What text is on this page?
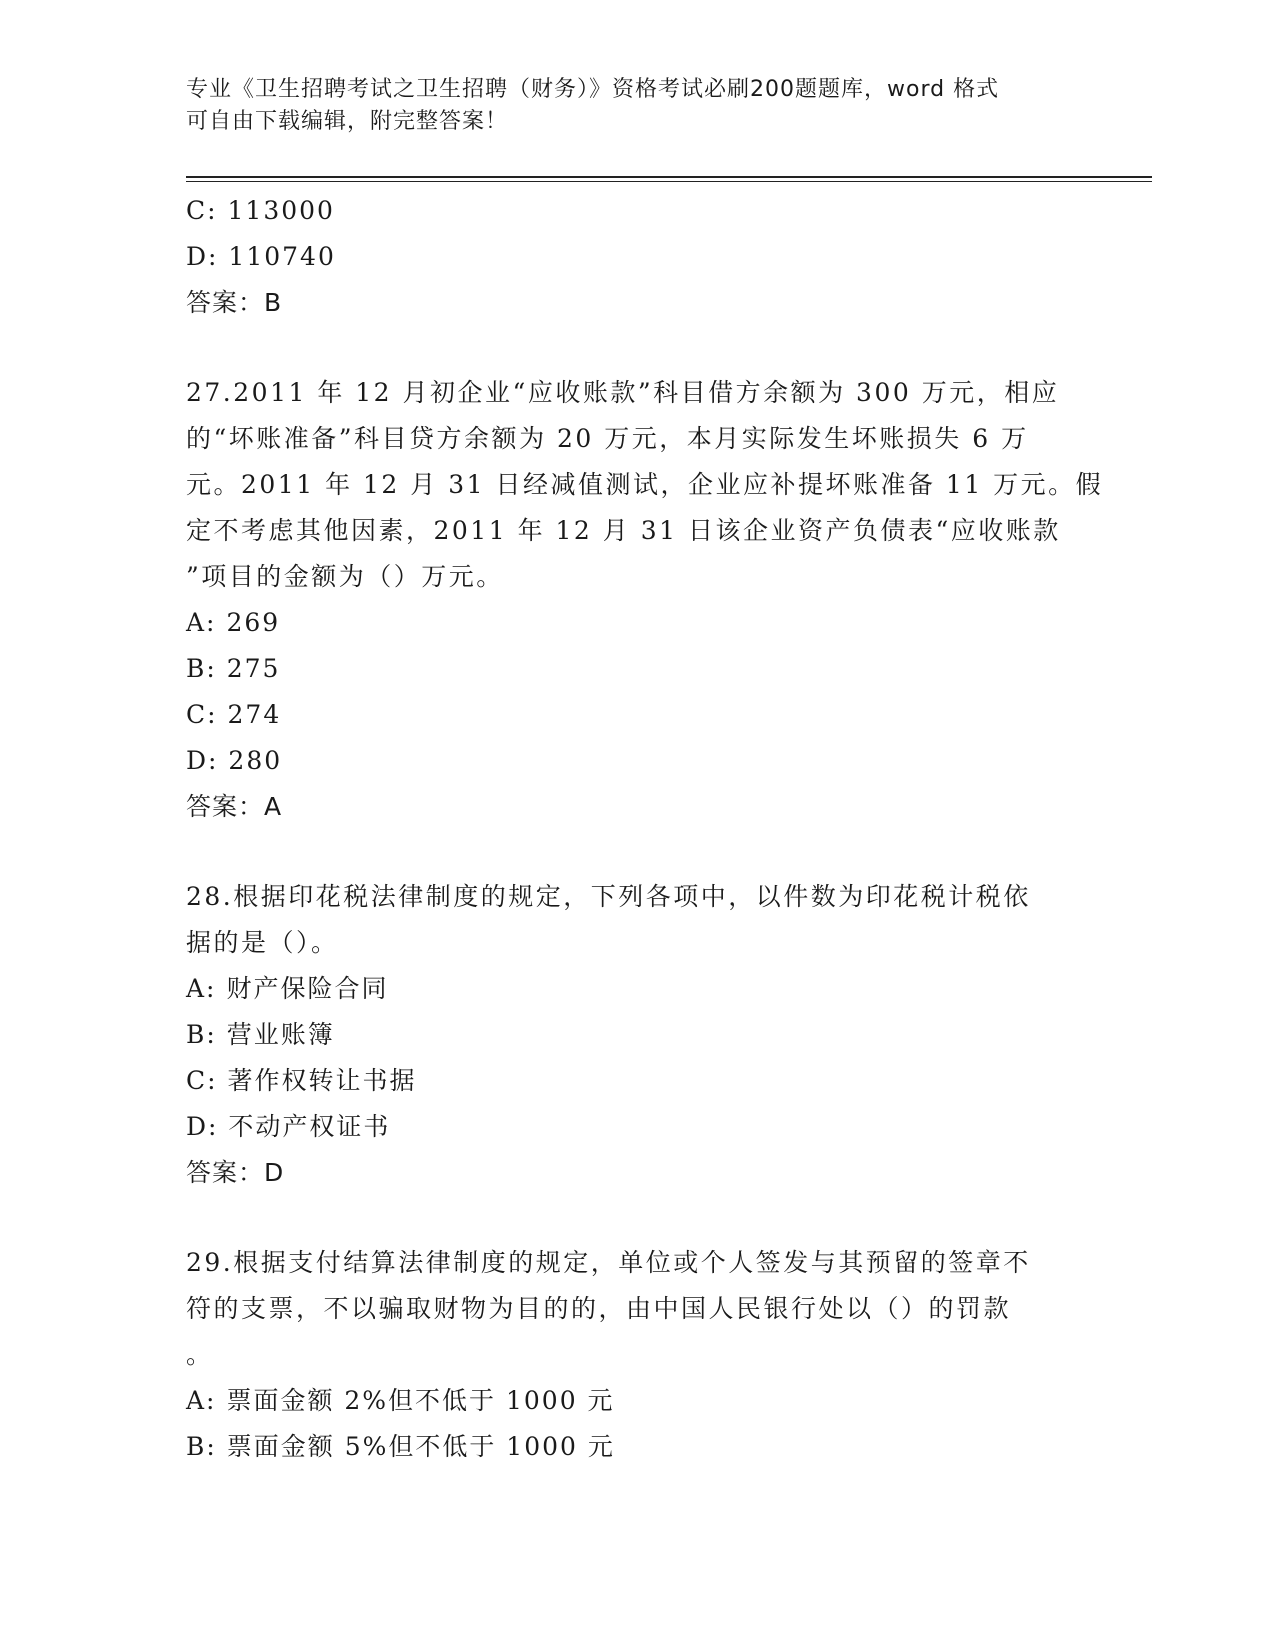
专业《卫生招聘考试之卫生招聘（财务）》资格考试必刷200题题库，word 格式
可自由下载编辑，附完整答案！
C: 113000
D: 110740
答案：B
27.2011 年 12 月初企业“应收账款”科目借方余额为 300 万元，相应
的“坏账准备”科目贷方余额为 20 万元，本月实际发生坏账损失 6 万
元。2011 年 12 月 31 日经减值测试，企业应补提坏账准备 11 万元。假
定不考虑其他因素，2011 年 12 月 31 日该企业资产负债表“应收账款
”项目的金额为（）万元。
A: 269
B: 275
C: 274
D: 280
答案：A
28.根据印花税法律制度的规定，下列各项中，以件数为印花税计税依
据的是（）。
A: 财产保险合同
B: 营业账簿
C: 著作权转让书据
D: 不动产权证书
答案：D
29.根据支付结算法律制度的规定，单位或个人签发与其预留的签章不
符的支票，不以骗取财物为目的的，由中国人民银行处以（）的罚款
。
A: 票面金额 2%但不低于 1000 元
B: 票面金额 5%但不低于 1000 元
